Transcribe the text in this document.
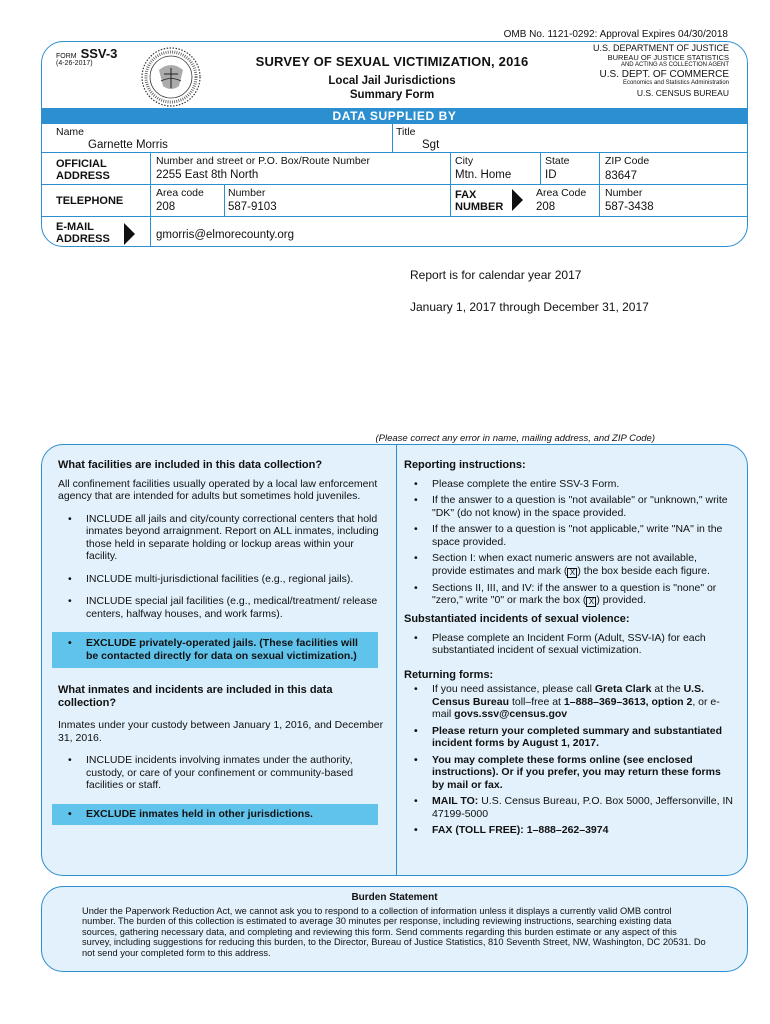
OMB No. 1121-0292: Approval Expires 04/30/2018
FORM SSV-3
(4-26-2017)	SURVEY OF SEXUAL VICTIMIZATION, 2016
Local Jail Jurisdictions
Summary Form
U.S. DEPARTMENT OF JUSTICE
BUREAU OF JUSTICE STATISTICS
AND ACTING AS COLLECTION AGENT
U.S. DEPT. OF COMMERCE
Economics and Statistics Administration
U.S. CENSUS BUREAU
DATA SUPPLIED BY
Name
Garnette Morris
Title
Sgt
OFFICIAL
ADDRESS
Number and street or P.O. Box/Route Number
2255 East 8th North
City
Mtn. Home
State
ID
ZIP Code
83647
TELEPHONE
Area code
208
Number
587-9103
FAX
NUMBER
Area Code
208
Number
587-3438
E-MAIL
ADDRESS	gmorris@elmorecounty.org
Report is for calendar year 2017
January 1, 2017 through December 31, 2017
(Please correct any error in name, mailing address, and ZIP Code)
What facilities are included in this data collection?
All confinement facilities usually operated by a local law enforcement agency that are intended for adults but sometimes hold juveniles.
• INCLUDE all jails and city/county correctional centers that hold inmates beyond arraignment. Report on ALL inmates, including those held in separate holding or lockup areas within your facility.
• INCLUDE multi-jurisdictional facilities (e.g., regional jails).
• INCLUDE special jail facilities (e.g., medical/treatment/ release centers, halfway houses, and work farms).
• EXCLUDE privately-operated jails. (These facilities will be contacted directly for data on sexual victimization.)
What inmates and incidents are included in this data collection?
Inmates under your custody between January 1, 2016, and December 31, 2016.
• INCLUDE incidents involving inmates under the authority, custody, or care of your confinement or community-based facilities or staff.
• EXCLUDE inmates held in other jurisdictions.
Reporting instructions:
• Please complete the entire SSV-3 Form.
• If the answer to a question is "not available" or "unknown," write "DK" (do not know) in the space provided.
• If the answer to a question is "not applicable," write "NA" in the space provided.
• Section I: when exact numeric answers are not available, provide estimates and mark ( X ) the box beside each figure.
• Sections II, III, and IV: if the answer to a question is "none" or "zero," write "0" or mark the box ( X ) provided.
Substantiated incidents of sexual violence:
• Please complete an Incident Form (Adult, SSV-IA) for each substantiated incident of sexual victimization.
Returning forms:
• If you need assistance, please call Greta Clark at the U.S. Census Bureau toll–free at 1–888–369–3613, option 2, or e-mail govs.ssv@census.gov
• Please return your completed summary and substantiated incident forms by August 1, 2017.
• You may complete these forms online (see enclosed instructions). Or if you prefer, you may return these forms by mail or fax.
• MAIL TO: U.S. Census Bureau, P.O. Box 5000, Jeffersonville, IN 47199-5000
• FAX (TOLL FREE): 1–888–262–3974
Burden Statement
Under the Paperwork Reduction Act, we cannot ask you to respond to a collection of information unless it displays a currently valid OMB control number. The burden of this collection is estimated to average 30 minutes per response, including reviewing instructions, searching existing data sources, gathering necessary data, and completing and reviewing this form. Send comments regarding this burden estimate or any aspect of this survey, including suggestions for reducing this burden, to the Director, Bureau of Justice Statistics, 810 Seventh Street, NW, Washington, DC 20531. Do not send your completed form to this address.
